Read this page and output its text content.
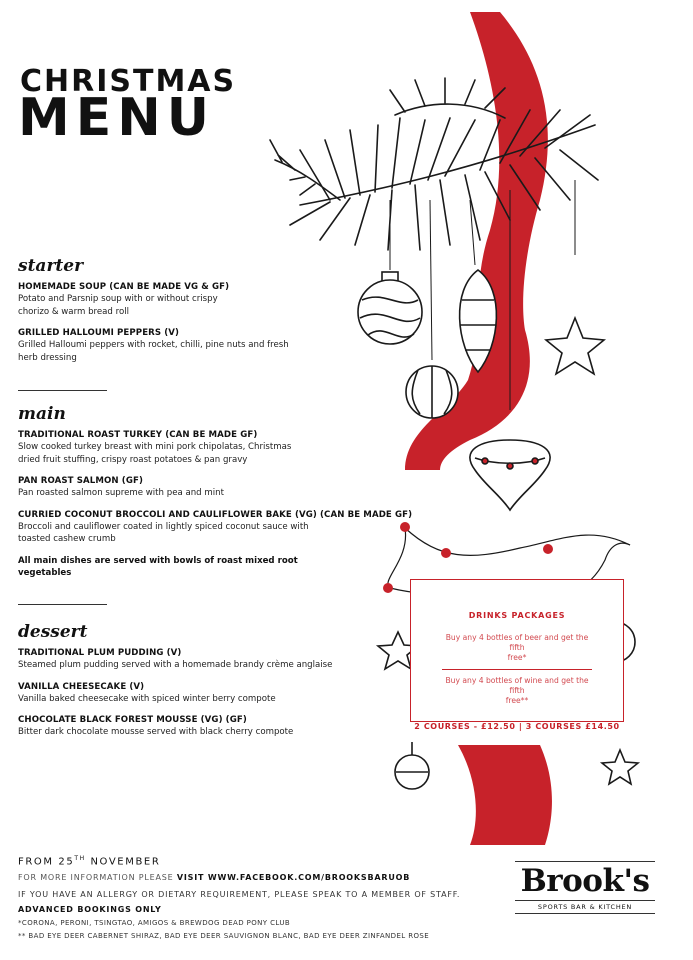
CHRISTMAS
MENU
starter
HOMEMADE SOUP (CAN BE MADE VG & GF)
Potato and Parsnip soup with or without crispy
chorizo & warm bread roll
GRILLED HALLOUMI PEPPERS (V)
Grilled Halloumi peppers with rocket, chilli, pine nuts and fresh
herb dressing
main
TRADITIONAL ROAST TURKEY (CAN BE MADE GF)
Slow cooked turkey breast with mini pork chipolatas, Christmas
dried fruit stuffing, crispy roast potatoes & pan gravy
PAN ROAST SALMON (GF)
Pan roasted salmon supreme with pea and mint
CURRIED COCONUT BROCCOLI AND CAULIFLOWER BAKE (VG) (CAN BE MADE GF)
Broccoli and cauliflower coated in lightly spiced coconut sauce with
toasted cashew crumb
All main dishes are served with bowls of roast mixed root
vegetables
dessert
TRADITIONAL PLUM PUDDING (V)
Steamed plum pudding served with a homemade brandy crème anglaise
VANILLA CHEESECAKE (V)
Vanilla baked cheesecake with spiced winter berry compote
CHOCOLATE BLACK FOREST MOUSSE (VG) (GF)
Bitter dark chocolate mousse served with black cherry compote
DRINKS PACKAGES
Buy any 4 bottles of beer and get the fifth
free*
Buy any 4 bottles of wine and get the fifth
free**
2 COURSES - £12.50 | 3 COURSES £14.50
FROM 25TH NOVEMBER
FOR MORE INFORMATION PLEASE VISIT WWW.FACEBOOK.COM/BROOKSBARUOB
IF YOU HAVE AN ALLERGY OR DIETARY REQUIREMENT, PLEASE SPEAK TO A MEMBER OF STAFF.
ADVANCED BOOKINGS ONLY
*CORONA, PERONI, TSINGTAO, AMIGOS & BREWDOG DEAD PONY CLUB
** BAD EYE DEER CABERNET SHIRAZ, BAD EYE DEER SAUVIGNON BLANC, BAD EYE DEER ZINFANDEL ROSE
Brook's
SPORTS BAR & KITCHEN
